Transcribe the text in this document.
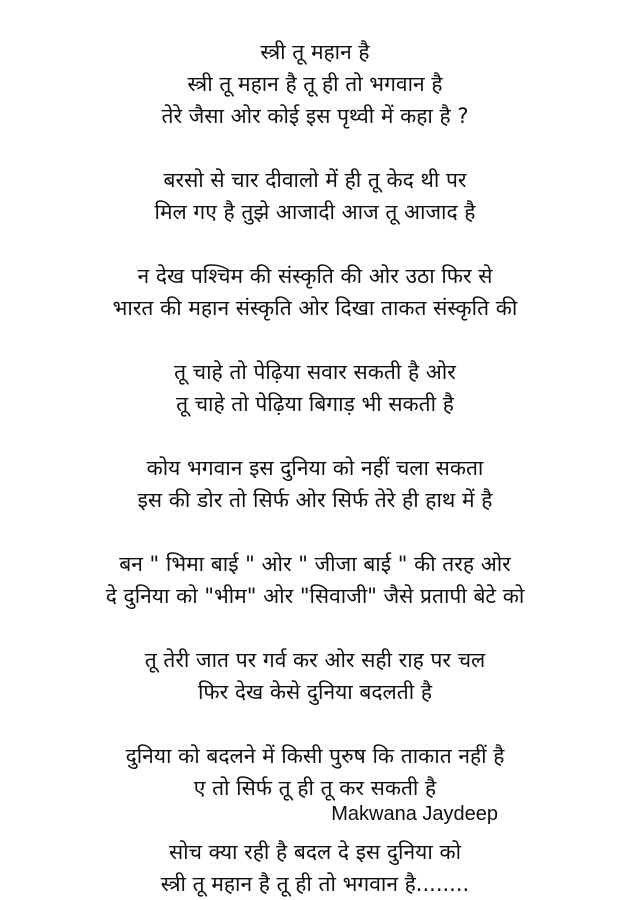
स्त्री तू महान है
स्त्री तू महान है तू ही तो भगवान है
तेरे जैसा ओर कोई इस पृथ्वी में कहा है ?
बरसो से चार दीवालो में ही तू केद थी पर
मिल गए है तुझे आजादी आज तू आजाद है
न देख पश्चिम की संस्कृति की ओर उठा फिर से
भारत की महान संस्कृति ओर दिखा ताकत संस्कृति की
तू चाहे तो पेढ़िया सवार सकती है ओर
तू चाहे तो पेढ़िया बिगाड़ भी सकती है
कोय भगवान इस दुनिया को नहीं चला सकता
इस की डोर तो सिर्फ ओर सिर्फ तेरे ही हाथ में है
बन " भिमा बाई " ओर " जीजा बाई " की तरह ओर
दे दुनिया को "भीम" ओर "सिवाजी" जैसे प्रतापी बेटे को
तू तेरी जात पर गर्व कर ओर सही राह पर चल
फिर देख केसे दुनिया बदलती है
दुनिया को बदलने में किसी पुरुष कि ताकात नहीं है
ए तो सिर्फ तू ही तू कर सकती है
सोच क्या रही है बदल दे इस दुनिया को
स्त्री तू महान है तू ही तो भगवान है........
Makwana Jaydeep
